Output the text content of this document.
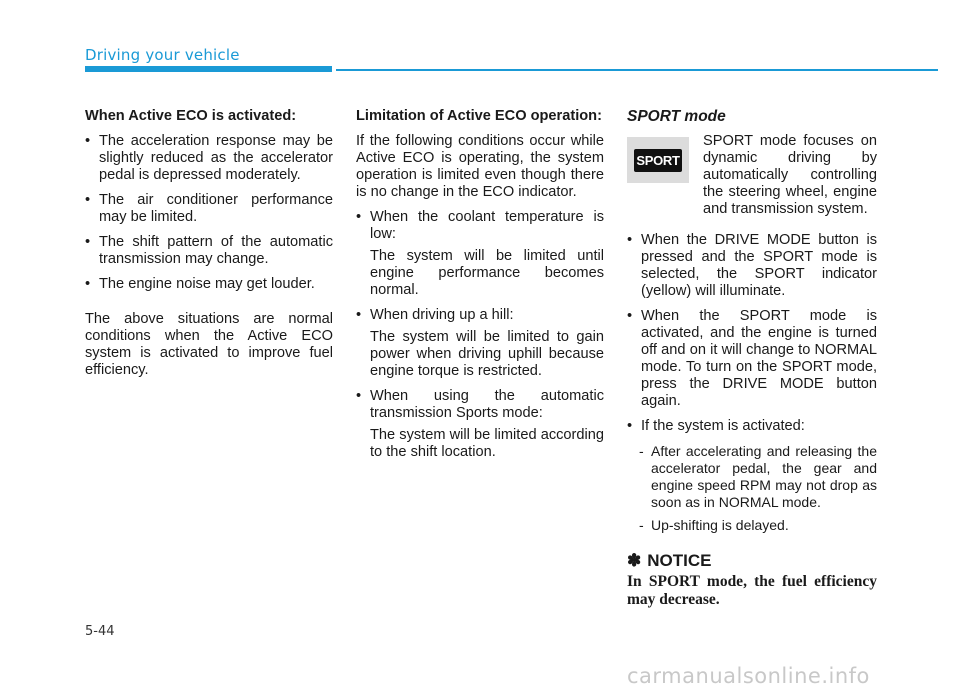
Driving your vehicle

When Active ECO is activated:

• The acceleration response may be slightly reduced as the accelerator pedal is depressed moderately.
• The air conditioner performance may be limited.
• The shift pattern of the automatic transmission may change.
• The engine noise may get louder.

The above situations are normal conditions when the Active ECO system is activated to improve fuel efficiency.

Limitation of Active ECO operation:

If the following conditions occur while Active ECO is operating, the system operation is limited even though there is no change in the ECO indicator.

• When the coolant temperature is low:
The system will be limited until engine performance becomes normal.
• When driving up a hill:
The system will be limited to gain power when driving uphill because engine torque is restricted.
• When using the automatic transmission Sports mode:
The system will be limited according to the shift location.
SPORT mode
SPORT

SPORT mode focuses on dynamic driving by automatically controlling the steering wheel, engine and transmission system.

• When the DRIVE MODE button is pressed and the SPORT mode is selected, the SPORT indicator (yellow) will illuminate.
• When the SPORT mode is activated, and the engine is turned off and on it will change to NORMAL mode. To turn on the SPORT mode, press the DRIVE MODE button again.
• If the system is activated:
- After accelerating and releasing the accelerator pedal, the gear and engine speed RPM may not drop as soon as in NORMAL mode.
- Up-shifting is delayed.
✽ NOTICE

In SPORT mode, the fuel efficiency may decrease.

5-44
carmanualsonline.info
